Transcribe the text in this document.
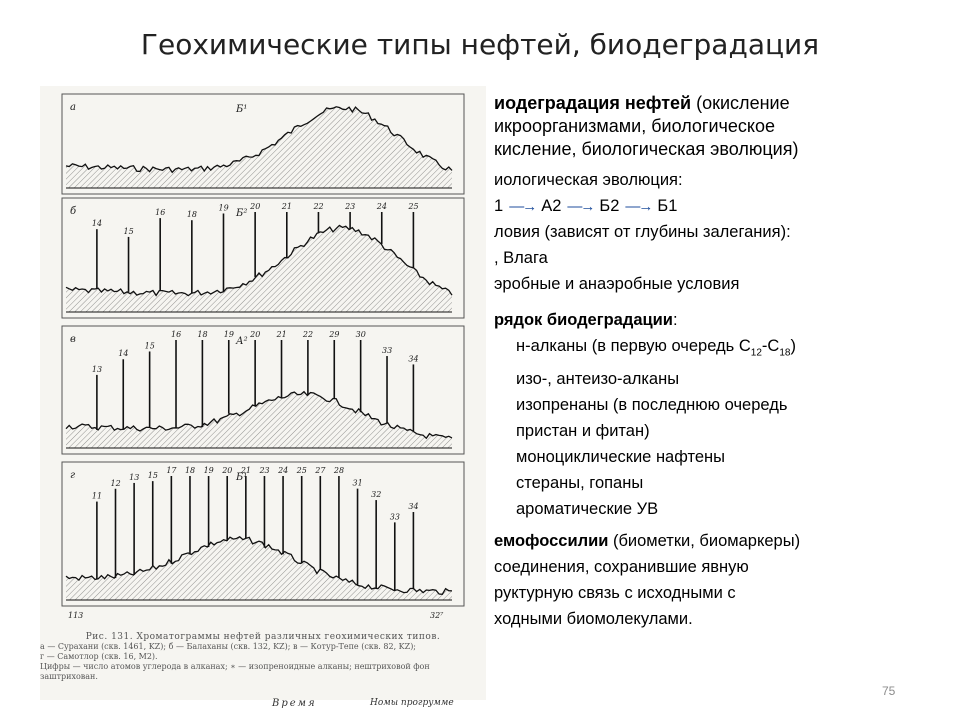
Геохимические типы нефтей, биодеградация
а	Б¹
14
15
16	18
19	20	21	22	23	24	25
б	Б²
13
14
15
16 18 19 20 21 22 29 30
33
34
в	А²
11
12
13 15
17 18 19 20 21 23 24 25 27 28
31
32
33
34
г	Б¹
113	32⁷
Время	Номы прогрумме
Рис. 131. Хроматограммы нефтей различных геохимических типов.
а — Сурахани (скв. 1461, KZ); б — Балаханы (скв. 132, KZ); в — Котур-Тепе (скв. 82, KZ);
г — Самотлор (скв. 16, M2).
Цифры — число атомов углерода в алканах; ∗ — изопреноидные алканы; нештриховой фон
заштрихован.

иодеградация нефтей (окисление

икроорганизмами, биологическое

кисление, биологическая эволюция)

иологическая эволюция:

1 —→ А2 —→ Б2 —→ Б1

ловия (зависят от глубины залегания):

, Влага

эробные и анаэробные условия

рядок биодеградации:

н-алканы (в первую очередь $С_{12}-С_{18}$)

изо-, антеизо-алканы

изопренаны (в последнюю очередь

пристан и фитан)

моноциклические нафтены

стераны, гопаны

ароматические УВ

емофоссилии (биометки, биомаркеры)

соединения, сохранившие явную

руктурную связь с исходными с

ходными биомолекулами.

75
